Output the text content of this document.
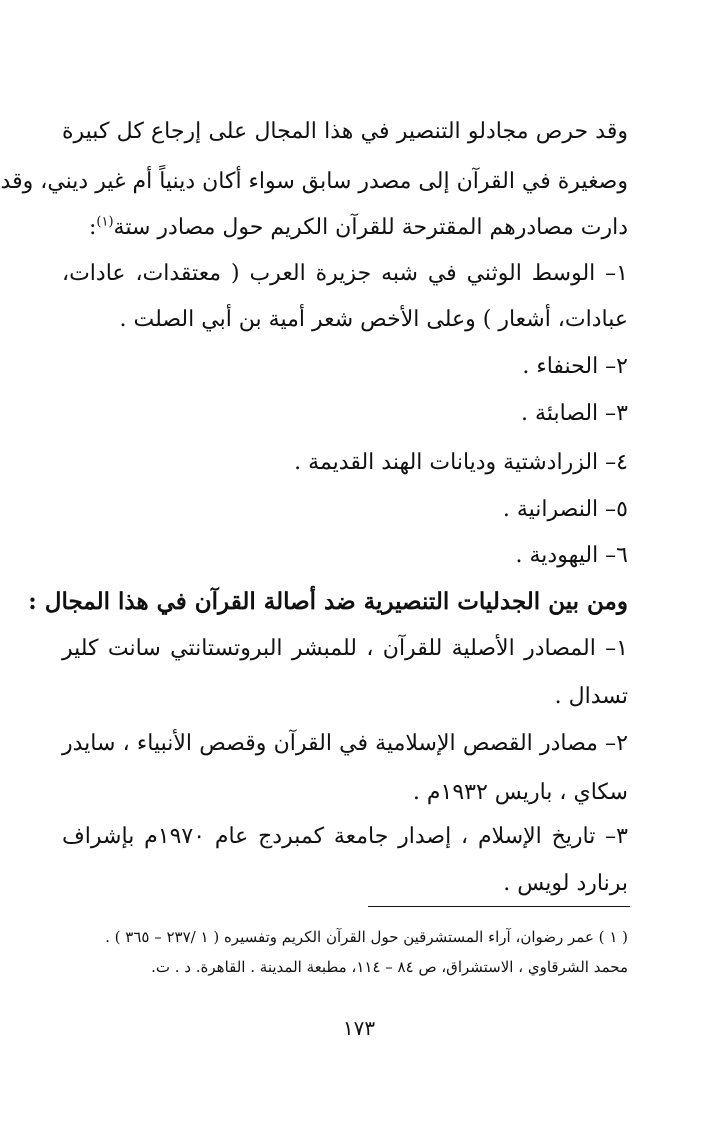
وقد حرص مجادلو التنصير في هذا المجال على إرجاع كل كبيرة
وصغيرة في القرآن إلى مصدر سابق سواء أكان دينياً أم غير ديني، وقد
دارت مصادرهم المقترحة للقرآن الكريم حول مصادر ستة$^{(١)}$:
١– الوسط الوثني في شبه جزيرة العرب ( معتقدات، عادات،
عبادات، أشعار ) وعلى الأخص شعر أمية بن أبي الصلت .
٢– الحنفاء .
٣– الصابئة .
٤– الزرادشتية وديانات الهند القديمة .
٥– النصرانية .
٦– اليهودية .
ومن بين الجدليات التنصيرية ضد أصالة القرآن في هذا المجال :
١– المصادر الأصلية للقرآن ، للمبشر البروتستانتي سانت كلير
تسدال .
٢– مصادر القصص الإسلامية في القرآن وقصص الأنبياء ، سايدر
سكاي ، باريس ١٩٣٢م .
٣– تاريخ الإسلام ، إصدار جامعة كمبردج عام ١٩٧٠م بإشراف
برنارد لويس .
( ١ ) عمر رضوان، آراء المستشرقين حول القرآن الكريم وتفسيره ( ١ /٢٣٧ – ٣٦٥ ) .
محمد الشرقاوي ، الاستشراق، ص ٨٤ – ١١٤، مطبعة المدينة . القاهرة. د . ت.
١٧٣
